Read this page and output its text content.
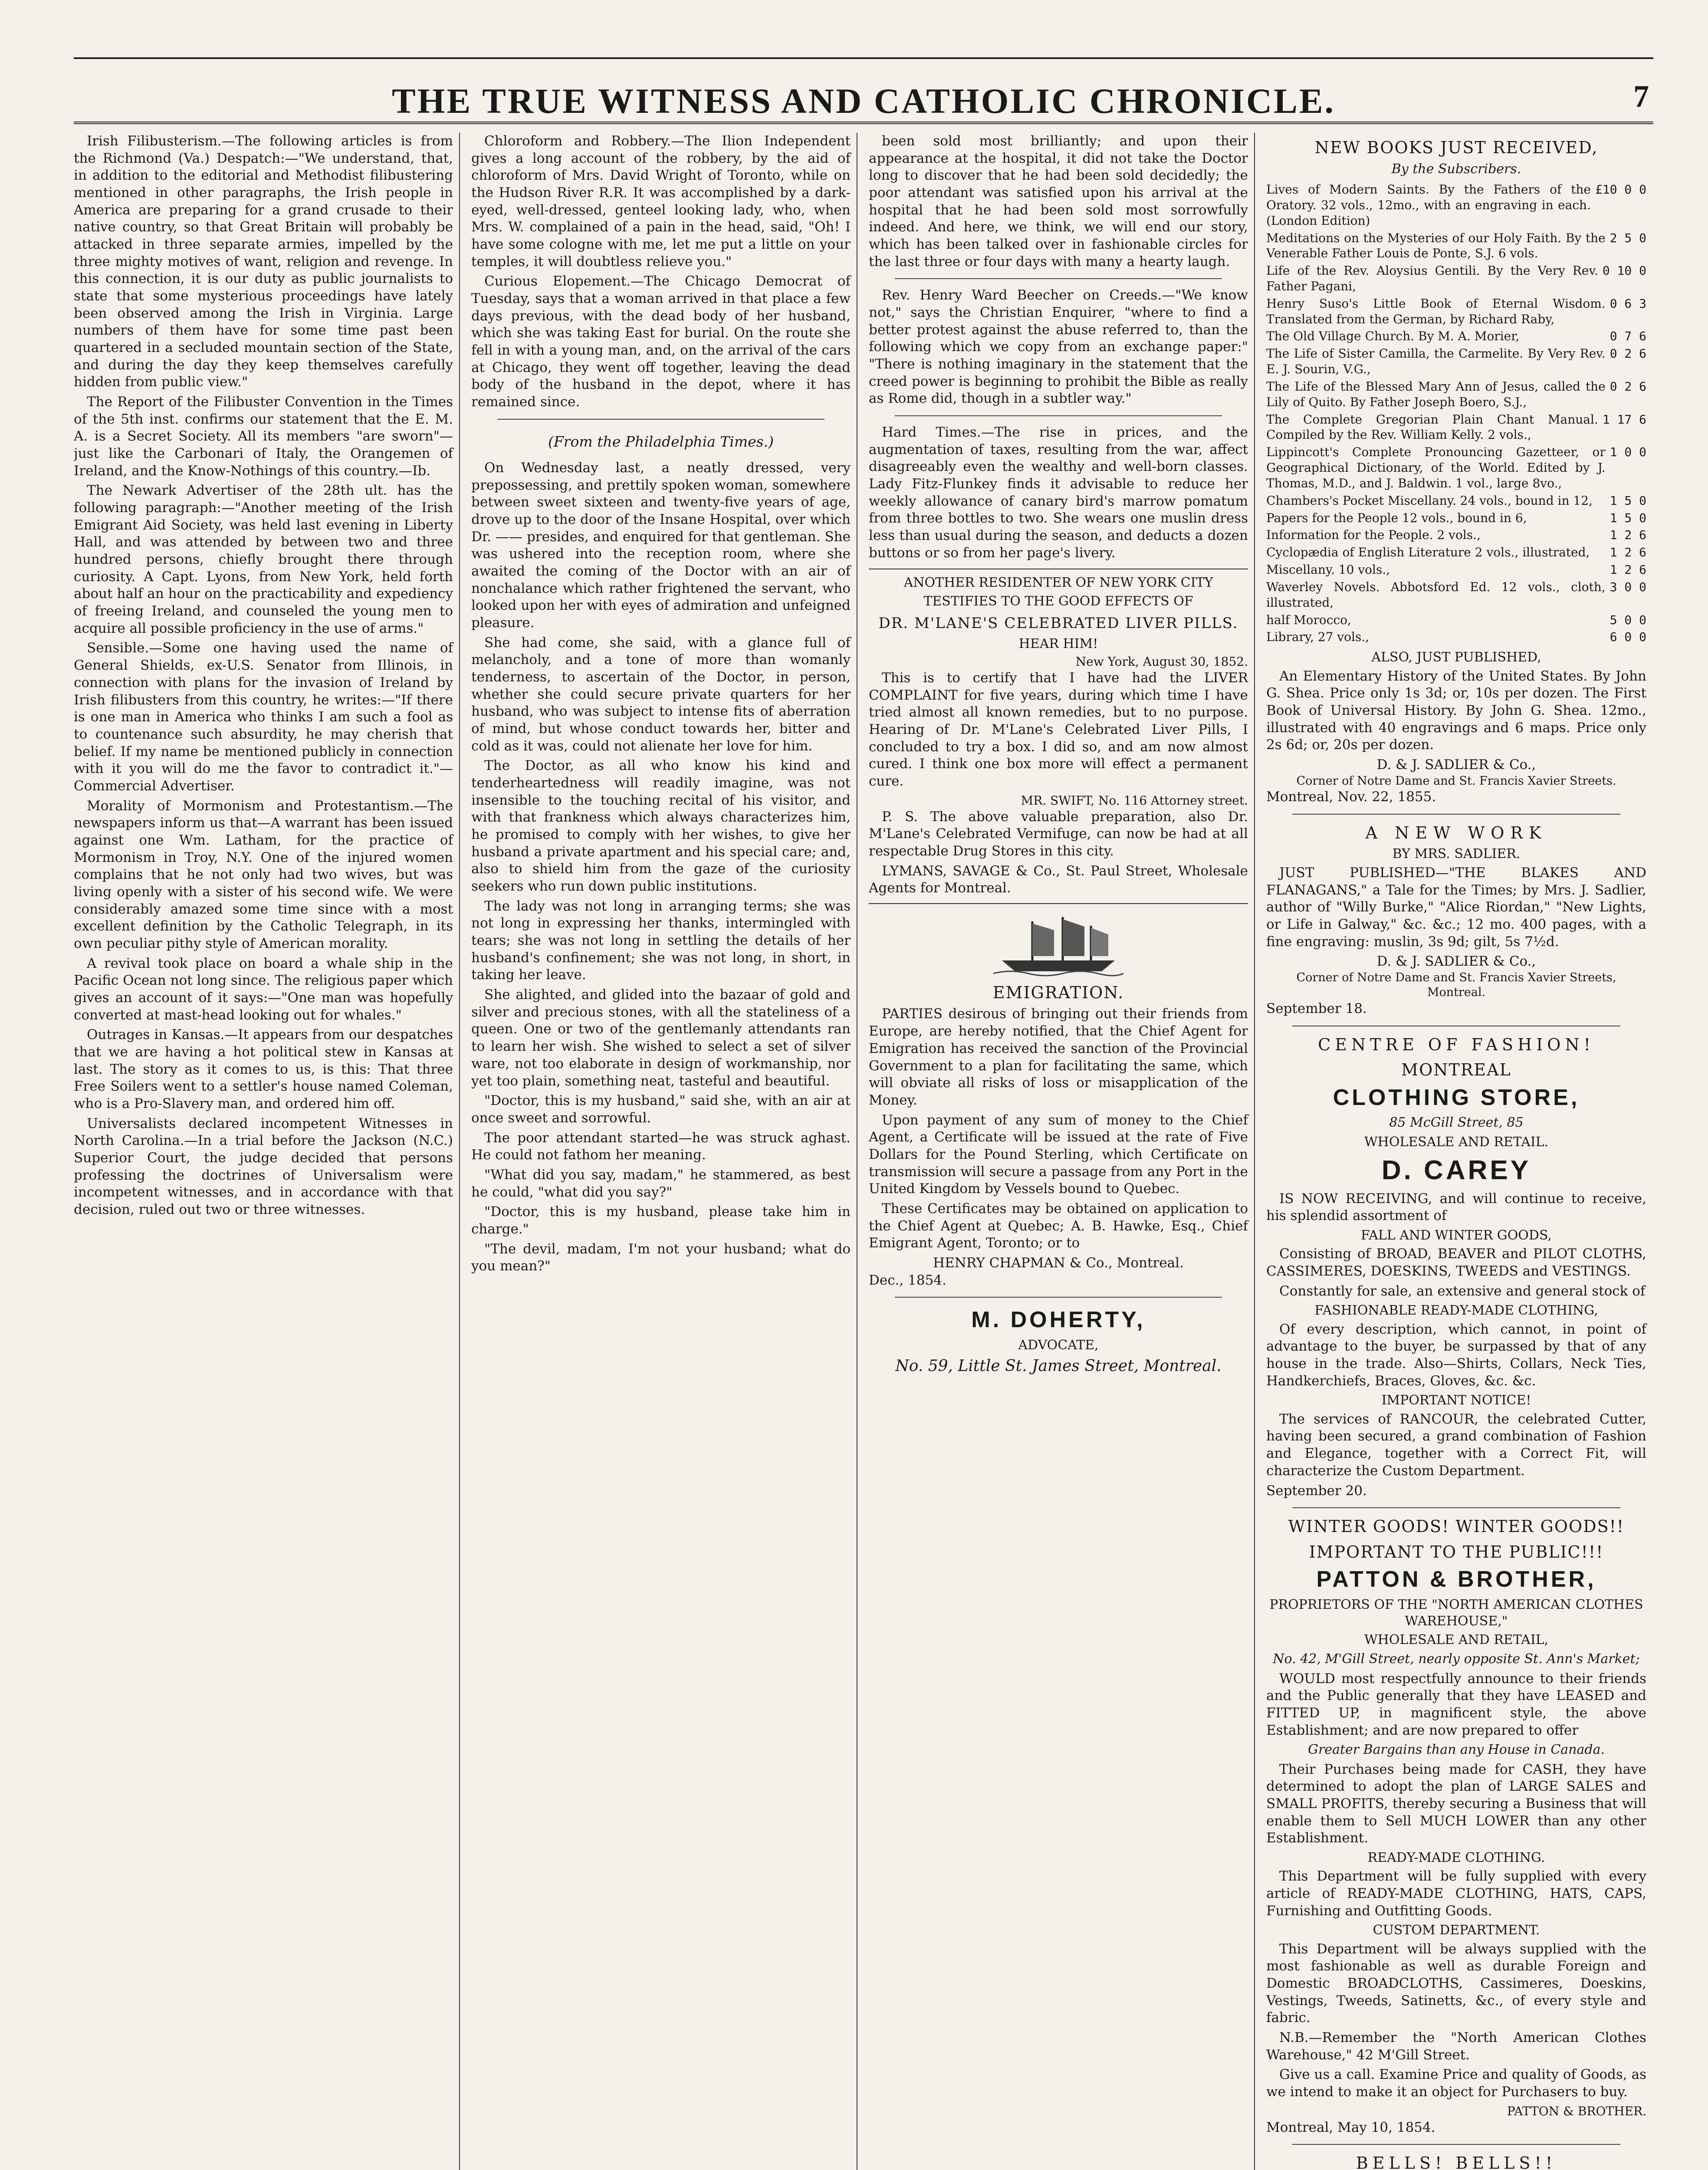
THE TRUE WITNESS AND CATHOLIC CHRONICLE.	7

Irish Filibusterism.—The following articles is from the Richmond (Va.) Despatch:—"We understand, that, in addition to the editorial and Methodist filibustering mentioned in other paragraphs, the Irish people in America are preparing for a grand crusade to their native country, so that Great Britain will probably be attacked in three separate armies, impelled by the three mighty motives of want, religion and revenge. In this connection, it is our duty as public journalists to state that some mysterious proceedings have lately been observed among the Irish in Virginia. Large numbers of them have for some time past been quartered in a secluded mountain section of the State, and during the day they keep themselves carefully hidden from public view."

The Report of the Filibuster Convention in the Times of the 5th inst. confirms our statement that the E. M. A. is a Secret Society. All its members "are sworn"—just like the Carbonari of Italy, the Orangemen of Ireland, and the Know-Nothings of this country.—Ib.

The Newark Advertiser of the 28th ult. has the following paragraph:—"Another meeting of the Irish Emigrant Aid Society, was held last evening in Liberty Hall, and was attended by between two and three hundred persons, chiefly brought there through curiosity. A Capt. Lyons, from New York, held forth about half an hour on the practicability and expediency of freeing Ireland, and counseled the young men to acquire all possible proficiency in the use of arms."

Sensible.—Some one having used the name of General Shields, ex-U.S. Senator from Illinois, in connection with plans for the invasion of Ireland by Irish filibusters from this country, he writes:—"If there is one man in America who thinks I am such a fool as to countenance such absurdity, he may cherish that belief. If my name be mentioned publicly in connection with it you will do me the favor to contradict it."—Commercial Advertiser.

Morality of Mormonism and Protestantism.—The newspapers inform us that—A warrant has been issued against one Wm. Latham, for the practice of Mormonism in Troy, N.Y. One of the injured women complains that he not only had two wives, but was living openly with a sister of his second wife. We were considerably amazed some time since with a most excellent definition by the Catholic Telegraph, in its own peculiar pithy style of American morality.

A revival took place on board a whale ship in the Pacific Ocean not long since. The religious paper which gives an account of it says:—"One man was hopefully converted at mast-head looking out for whales."

Outrages in Kansas.—It appears from our despatches that we are having a hot political stew in Kansas at last. The story as it comes to us, is this: That three Free Soilers went to a settler's house named Coleman, who is a Pro-Slavery man, and ordered him off.

Universalists declared incompetent Witnesses in North Carolina.—In a trial before the Jackson (N.C.) Superior Court, the judge decided that persons professing the doctrines of Universalism were incompetent witnesses, and in accordance with that decision, ruled out two or three witnesses.

Chloroform and Robbery.—The Ilion Independent gives a long account of the robbery, by the aid of chloroform of Mrs. David Wright of Toronto, while on the Hudson River R.R. It was accomplished by a dark-eyed, well-dressed, genteel looking lady, who, when Mrs. W. complained of a pain in the head, said, "Oh! I have some cologne with me, let me put a little on your temples, it will doubtless relieve you."

Curious Elopement.—The Chicago Democrat of Tuesday, says that a woman arrived in that place a few days previous, with the dead body of her husband, which she was taking East for burial. On the route she fell in with a young man, and, on the arrival of the cars at Chicago, they went off together, leaving the dead body of the husband in the depot, where it has remained since.

(From the Philadelphia Times.)

On Wednesday last, a neatly dressed, very prepossessing, and prettily spoken woman, somewhere between sweet sixteen and twenty-five years of age, drove up to the door of the Insane Hospital, over which Dr. —— presides, and enquired for that gentleman. She was ushered into the reception room, where she awaited the coming of the Doctor with an air of nonchalance which rather frightened the servant, who looked upon her with eyes of admiration and unfeigned pleasure.

She had come, she said, with a glance full of melancholy, and a tone of more than womanly tenderness, to ascertain of the Doctor, in person, whether she could secure private quarters for her husband, who was subject to intense fits of aberration of mind, but whose conduct towards her, bitter and cold as it was, could not alienate her love for him.

The Doctor, as all who know his kind and tenderheartedness will readily imagine, was not insensible to the touching recital of his visitor, and with that frankness which always characterizes him, he promised to comply with her wishes, to give her husband a private apartment and his special care; and, also to shield him from the gaze of the curiosity seekers who run down public institutions.

The lady was not long in arranging terms; she was not long in expressing her thanks, intermingled with tears; she was not long in settling the details of her husband's confinement; she was not long, in short, in taking her leave.

She alighted, and glided into the bazaar of gold and silver and precious stones, with all the stateliness of a queen. One or two of the gentlemanly attendants ran to learn her wish. She wished to select a set of silver ware, not too elaborate in design of workmanship, nor yet too plain, something neat, tasteful and beautiful.

"Doctor, this is my husband," said she, with an air at once sweet and sorrowful.

The poor attendant started—he was struck aghast. He could not fathom her meaning.

"What did you say, madam," he stammered, as best he could, "what did you say?"

"Doctor, this is my husband, please take him in charge."

"The devil, madam, I'm not your husband; what do you mean?"

been sold most brilliantly; and upon their appearance at the hospital, it did not take the Doctor long to discover that he had been sold decidedly; the poor attendant was satisfied upon his arrival at the hospital that he had been sold most sorrowfully indeed. And here, we think, we will end our story, which has been talked over in fashionable circles for the last three or four days with many a hearty laugh.

Rev. Henry Ward Beecher on Creeds.—"We know not," says the Christian Enquirer, "where to find a better protest against the abuse referred to, than the following which we copy from an exchange paper:" "There is nothing imaginary in the statement that the creed power is beginning to prohibit the Bible as really as Rome did, though in a subtler way."

Hard Times.—The rise in prices, and the augmentation of taxes, resulting from the war, affect disagreeably even the wealthy and well-born classes. Lady Fitz-Flunkey finds it advisable to reduce her weekly allowance of canary bird's marrow pomatum from three bottles to two. She wears one muslin dress less than usual during the season, and deducts a dozen buttons or so from her page's livery.

ANOTHER RESIDENTER OF NEW YORK CITY
TESTIFIES TO THE GOOD EFFECTS OF
DR. M'LANE'S CELEBRATED LIVER PILLS.
HEAR HIM!
New York, August 30, 1852.

This is to certify that I have had the LIVER COMPLAINT for five years, during which time I have tried almost all known remedies, but to no purpose. Hearing of Dr. M'Lane's Celebrated Liver Pills, I concluded to try a box. I did so, and am now almost cured. I think one box more will effect a permanent cure.

MR. SWIFT, No. 116 Attorney street.

P. S. The above valuable preparation, also Dr. M'Lane's Celebrated Vermifuge, can now be had at all respectable Drug Stores in this city.

LYMANS, SAVAGE & Co., St. Paul Street, Wholesale Agents for Montreal.

EMIGRATION.

PARTIES desirous of bringing out their friends from Europe, are hereby notified, that the Chief Agent for Emigration has received the sanction of the Provincial Government to a plan for facilitating the same, which will obviate all risks of loss or misapplication of the Money.

Upon payment of any sum of money to the Chief Agent, a Certificate will be issued at the rate of Five Dollars for the Pound Sterling, which Certificate on transmission will secure a passage from any Port in the United Kingdom by Vessels bound to Quebec.

These Certificates may be obtained on application to the Chief Agent at Quebec; A. B. Hawke, Esq., Chief Emigrant Agent, Toronto; or to

HENRY CHAPMAN & Co., Montreal.
Dec., 1854.
M. DOHERTY,
ADVOCATE,
No. 59, Little St. James Street, Montreal.
NEW BOOKS JUST RECEIVED,
By the Subscribers.
Lives of Modern Saints. By the Fathers of the Oratory. 32 vols., 12mo., with an engraving in each. (London Edition)
£10 0 0
Meditations on the Mysteries of our Holy Faith. By the Venerable Father Louis de Ponte, S.J. 6 vols.
2 5 0
Life of the Rev. Aloysius Gentili. By the Very Rev. Father Pagani,
0 10 0
Henry Suso's Little Book of Eternal Wisdom. Translated from the German, by Richard Raby,
0 6 3
The Old Village Church. By M. A. Morier,	0 7 6
The Life of Sister Camilla, the Carmelite. By Very Rev. E. J. Sourin, V.G.,
0 2 6
The Life of the Blessed Mary Ann of Jesus, called the Lily of Quito. By Father Joseph Boero, S.J.,
0 2 6
The Complete Gregorian Plain Chant Manual. Compiled by the Rev. William Kelly. 2 vols.,
1 17 6
Lippincott's Complete Pronouncing Gazetteer, or Geographical Dictionary, of the World. Edited by J. Thomas, M.D., and J. Baldwin. 1 vol., large 8vo.,
1 0 0
Chambers's Pocket Miscellany. 24 vols., bound in 12,	1 5 0
Papers for the People 12 vols., bound in 6,	1 5 0
Information for the People. 2 vols.,	1 2 6
Cyclopædia of English Literature 2 vols., illustrated,	1 2 6
Miscellany. 10 vols.,	1 2 6
Waverley Novels. Abbotsford Ed. 12 vols., cloth, illustrated,
3 0 0
half Morocco,	5 0 0
Library, 27 vols.,	6 0 0
ALSO, JUST PUBLISHED,

An Elementary History of the United States. By John G. Shea. Price only 1s 3d; or, 10s per dozen. The First Book of Universal History. By John G. Shea. 12mo., illustrated with 40 engravings and 6 maps. Price only 2s 6d; or, 20s per dozen.

D. & J. SADLIER & Co.,
Corner of Notre Dame and St. Francis Xavier Streets.
Montreal, Nov. 22, 1855.
A NEW WORK
BY MRS. SADLIER.

JUST PUBLISHED—"THE BLAKES AND FLANAGANS," a Tale for the Times; by Mrs. J. Sadlier, author of "Willy Burke," "Alice Riordan," "New Lights, or Life in Galway," &c. &c.; 12 mo. 400 pages, with a fine engraving: muslin, 3s 9d; gilt, 5s 7½d.

D. & J. SADLIER & Co.,
Corner of Notre Dame and St. Francis Xavier Streets, Montreal.
September 18.
CENTRE OF FASHION!
MONTREAL
CLOTHING STORE,
85 McGill Street, 85
WHOLESALE AND RETAIL.
D. CAREY

IS NOW RECEIVING, and will continue to receive, his splendid assortment of

FALL AND WINTER GOODS,

Consisting of BROAD, BEAVER and PILOT CLOTHS, CASSIMERES, DOESKINS, TWEEDS and VESTINGS.

Constantly for sale, an extensive and general stock of

FASHIONABLE READY-MADE CLOTHING,

Of every description, which cannot, in point of advantage to the buyer, be surpassed by that of any house in the trade. Also—Shirts, Collars, Neck Ties, Handkerchiefs, Braces, Gloves, &c. &c.

IMPORTANT NOTICE!

The services of RANCOUR, the celebrated Cutter, having been secured, a grand combination of Fashion and Elegance, together with a Correct Fit, will characterize the Custom Department.

September 20.
WINTER GOODS! WINTER GOODS!!
IMPORTANT TO THE PUBLIC!!!
PATTON & BROTHER,
PROPRIETORS OF THE "NORTH AMERICAN CLOTHES WAREHOUSE,"
WHOLESALE AND RETAIL,
No. 42, M'Gill Street, nearly opposite St. Ann's Market;

WOULD most respectfully announce to their friends and the Public generally that they have LEASED and FITTED UP, in magnificent style, the above Establishment; and are now prepared to offer

Greater Bargains than any House in Canada.

Their Purchases being made for CASH, they have determined to adopt the plan of LARGE SALES and SMALL PROFITS, thereby securing a Business that will enable them to Sell MUCH LOWER than any other Establishment.

READY-MADE CLOTHING.

This Department will be fully supplied with every article of READY-MADE CLOTHING, HATS, CAPS, Furnishing and Outfitting Goods.

CUSTOM DEPARTMENT.

This Department will be always supplied with the most fashionable as well as durable Foreign and Domestic BROADCLOTHS, Cassimeres, Doeskins, Vestings, Tweeds, Satinetts, &c., of every style and fabric.

N.B.—Remember the "North American Clothes Warehouse," 42 M'Gill Street.

Give us a call. Examine Price and quality of Goods, as we intend to make it an object for Purchasers to buy.

PATTON & BROTHER.
Montreal, May 10, 1854.
BELLS! BELLS!!
